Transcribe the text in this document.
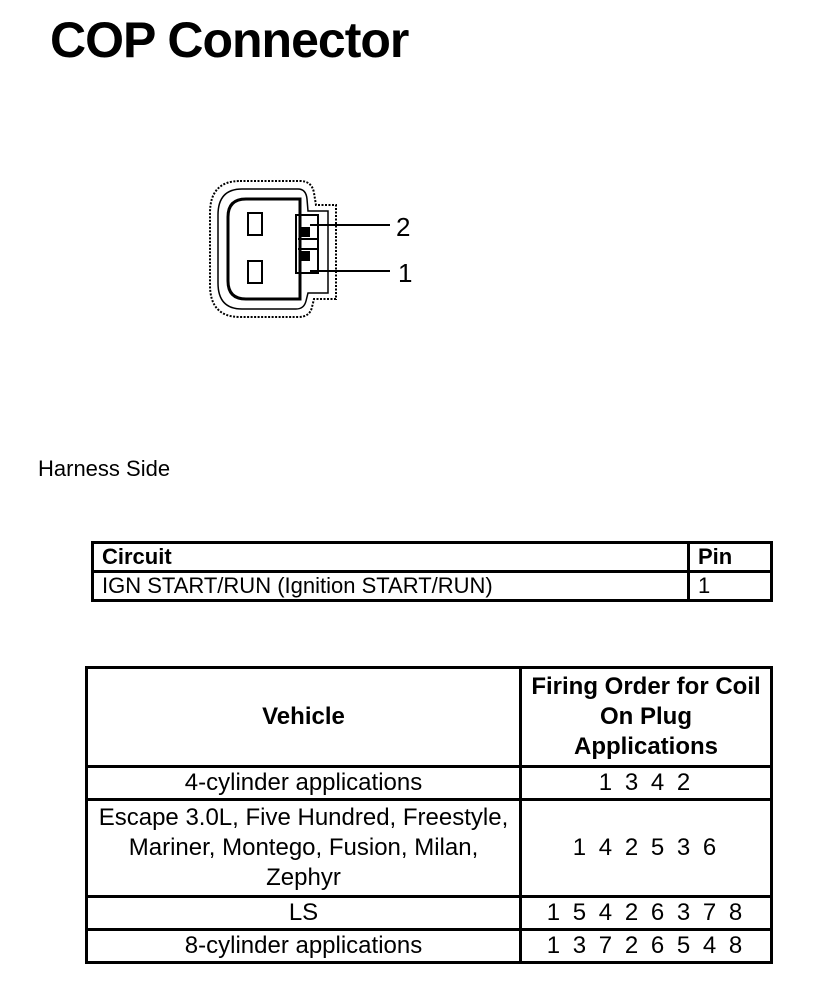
COP Connector
2
1
Harness Side
Circuit	Pin
IGN START/RUN (Ignition START/RUN)	1
Vehicle	Firing Order for Coil On Plug Applications
4-cylinder applications	1 3 4 2
Escape 3.0L, Five Hundred, Freestyle, Mariner, Montego, Fusion, Milan, Zephyr	1 4 2 5 3 6
LS	1 5 4 2 6 3 7 8
8-cylinder applications	1 3 7 2 6 5 4 8
